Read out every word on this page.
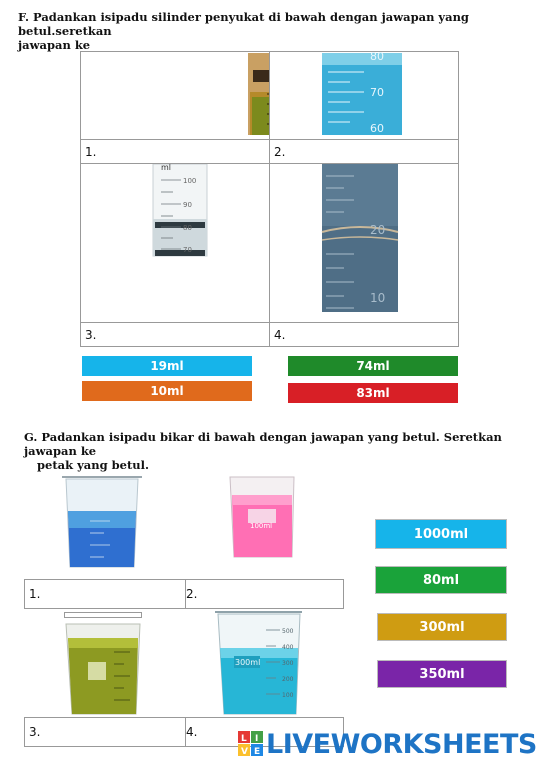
F. Padankan isipadu silinder penyukat di bawah dengan jawapan yang betul.seretkan
jawapan ke

80
70
60

1.	2.

ml
100
90
80
70	20
10

3.	4.
19ml	74ml
10ml	83ml
G. Padankan isipadu bikar di bawah dengan jawapan yang betul. Seretkan jawapan ke
petak yang betul.
100ml
1.	2.
300ml
500
400
300
200
100
3.	4.
1000ml
80ml
300ml
350ml
L I
V E LIVEWORKSHEETS
